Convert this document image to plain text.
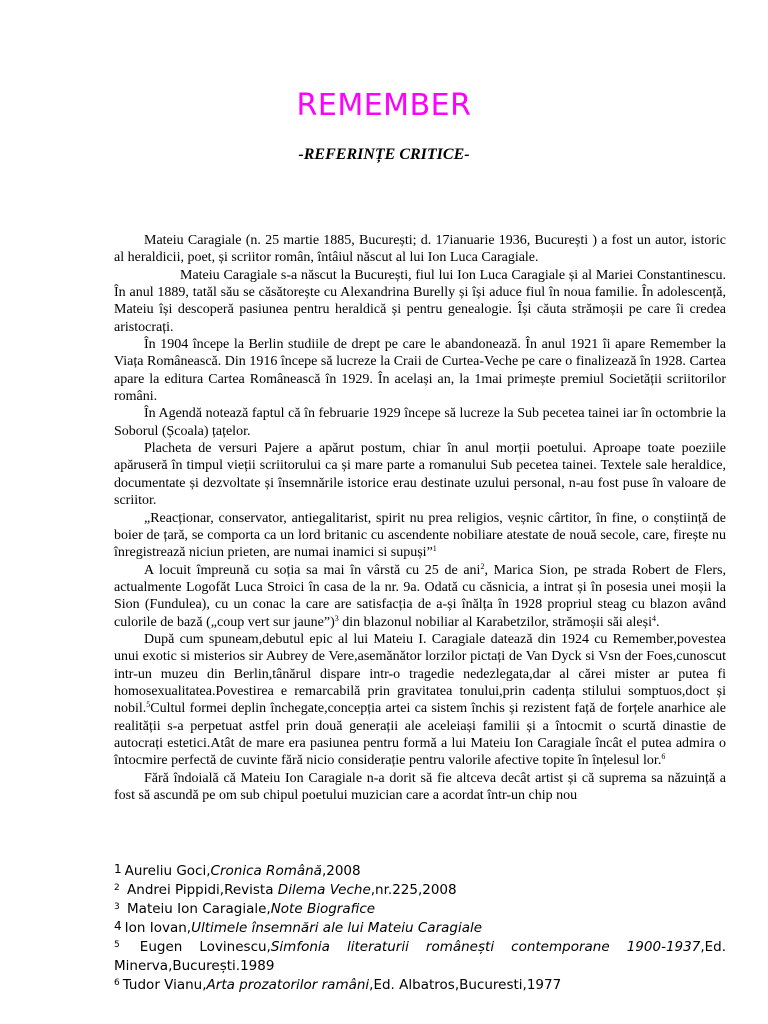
REMEMBER
-REFERINȚE CRITICE-

Mateiu Caragiale (n. 25 martie 1885, București; d. 17ianuarie 1936, București ) a fost un autor, istoric al heraldicii, poet, și scriitor român, întâiul născut al lui Ion Luca Caragiale.

Mateiu Caragiale s-a născut la București, fiul lui Ion Luca Caragiale și al Mariei Constantinescu. În anul 1889, tatăl său se căsătorește cu Alexandrina Burelly și își aduce fiul în noua familie. În adolescență, Mateiu își descoperă pasiunea pentru heraldică și pentru genealogie. Își căuta strămoșii pe care îi credea aristocrați.

În 1904 începe la Berlin studiile de drept pe care le abandonează. În anul 1921 îi apare Remember la Viața Românească. Din 1916 începe să lucreze la Craii de Curtea-Veche pe care o finalizează în 1928. Cartea apare la editura Cartea Românească în 1929. În același an, la 1mai primește premiul Societății scriitorilor români.

În Agendă notează faptul că în februarie 1929 începe să lucreze la Sub pecetea tainei iar în octombrie la Soborul (Școala) țațelor.

Placheta de versuri Pajere a apărut postum, chiar în anul morții poetului. Aproape toate poeziile apăruseră în timpul vieții scriitorului ca și mare parte a romanului Sub pecetea tainei. Textele sale heraldice, documentate și dezvoltate și însemnările istorice erau destinate uzului personal, n-au fost puse în valoare de scriitor.

„Reacționar, conservator, antiegalitarist, spirit nu prea religios, veșnic cârtitor, în fine, o conștiință de boier de țară, se comporta ca un lord britanic cu ascendente nobiliare atestate de nouă secole, care, firește nu înregistrează niciun prieten, are numai inamici si supuși”$^1$

A locuit împreună cu soția sa mai în vârstă cu 25 de ani$^2$, Marica Sion, pe strada Robert de Flers, actualmente Logofăt Luca Stroici în casa de la nr. 9a. Odată cu căsnicia, a intrat și în posesia unei moșii la Sion (Fundulea), cu un conac la care are satisfacția de a-și înălța în 1928 propriul steag cu blazon având culorile de bază („coup vert sur jaune”)$^3$ din blazonul nobiliar al Karabetzilor, strămoșii săi aleși$^4$.

După cum spuneam,debutul epic al lui Mateiu I. Caragiale datează din 1924 cu Remember,povestea unui exotic si misterios sir Aubrey de Vere,asemănător lorzilor pictați de Van Dyck si Vsn der Foes,cunoscut intr-un muzeu din Berlin,tânărul dispare intr-o tragedie nedezlegata,dar al cărei mister ar putea fi homosexualitatea.Povestirea e remarcabilă prin gravitatea tonului,prin cadența stilului somptuos,doct și nobil.$^5$Cultul formei deplin închegate,concepția artei ca sistem închis și rezistent față de forțele anarhice ale realității s-a perpetuat astfel prin două generații ale aceleiași familii și a întocmit o scurtă dinastie de autocrați estetici.Atât de mare era pasiunea pentru formă a lui Mateiu Ion Caragiale încât el putea admira o întocmire perfectă de cuvinte fără nicio considerație pentru valorile afective topite în înțelesul lor.$^6$

Fără îndoială că Mateiu Ion Caragiale n-a dorit să fie altceva decât artist și că suprema sa năzuință a fost să ascundă pe om sub chipul poetului muzician care a acordat într-un chip nou

1 Aureliu Goci,Cronica Română,2008
$^2$ Andrei Pippidi,Revista Dilema Veche,nr.225,2008
$^3$ Mateiu Ion Caragiale,Note Biografice
4 Ion Iovan,Ultimele însemnări ale lui Mateiu Caragiale
$^5$ Eugen Lovinescu,Simfonia literaturii românești contemporane 1900-1937,Ed. Minerva,București.1989
$^6$ Tudor Vianu,Arta prozatorilor ramâni,Ed. Albatros,Bucuresti,1977
